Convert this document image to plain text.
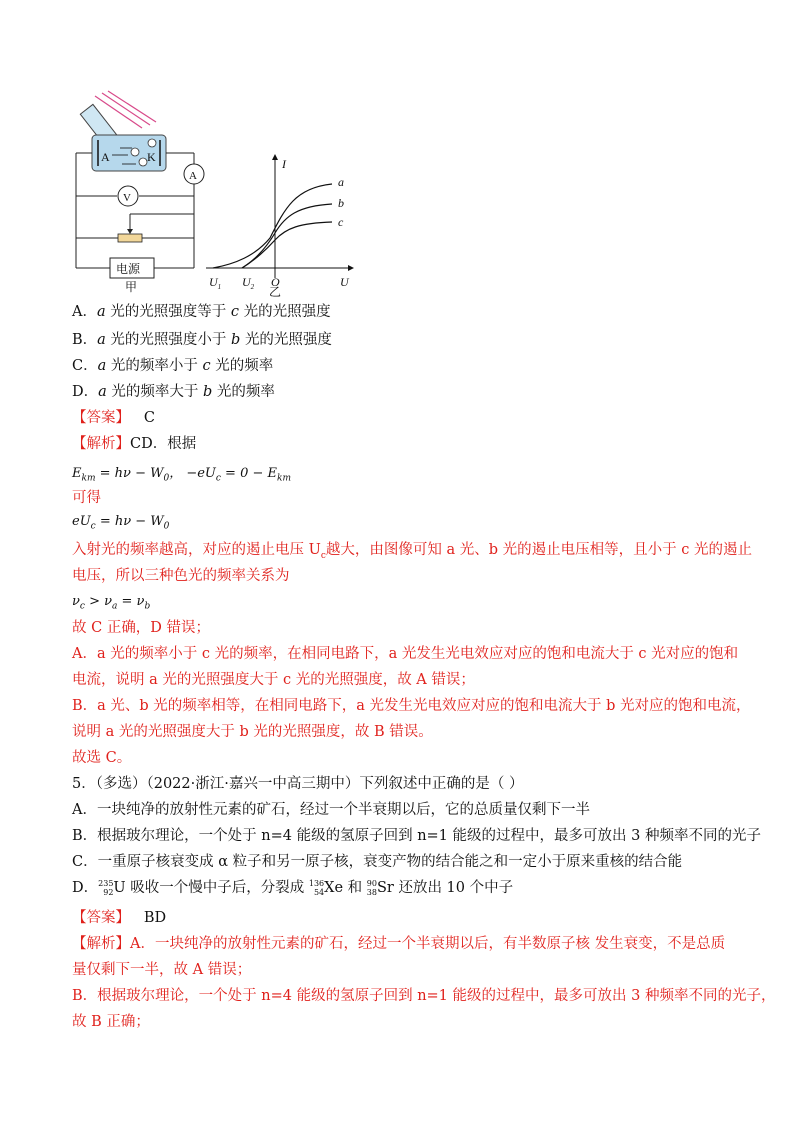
A	K
A
V
电源
甲
I
U
O
$U_1$ $U_2$
a
b
c
乙
A．a 光的光照强度等于 c 光的光照强度
B．a 光的光照强度小于 b 光的光照强度
C．a 光的频率小于 c 光的频率
D．a 光的频率大于 b 光的频率
【答案】 C
【解析】CD．根据
$E_{km} = h\nu - W_0$， $-eU_c = 0 - E_{km}$
可得
$eU_c = h\nu - W_0$
入射光的频率越高，对应的遏止电压 $U_c$越大，由图像可知 a 光、b 光的遏止电压相等，且小于 c 光的遏止
电压，所以三种色光的频率关系为
$\nu_c > \nu_a = \nu_b$
故 C 正确，D 错误；
A．a 光的频率小于 c 光的频率，在相同电路下，a 光发生光电效应对应的饱和电流大于 c 光对应的饱和
电流，说明 a 光的光照强度大于 c 光的光照强度，故 A 错误；
B．a 光、b 光的频率相等，在相同电路下，a 光发生光电效应对应的饱和电流大于 b 光对应的饱和电流，
说明 a 光的光照强度大于 b 光的光照强度，故 B 错误。
故选 C。
5．（多选）（2022·浙江·嘉兴一中高三期中）下列叙述中正确的是（ ）
A．一块纯净的放射性元素的矿石，经过一个半衰期以后，它的总质量仅剩下一半
B．根据玻尔理论，一个处于 n=4 能级的氢原子回到 n=1 能级的过程中，最多可放出 3 种频率不同的光子
C．一重原子核衰变成 α 粒子和另一原子核，衰变产物的结合能之和一定小于原来重核的结合能
D．235
92U 吸收一个慢中子后，分裂成 136
54Xe 和 90
38Sr 还放出 10 个中子
【答案】 BD
【解析】A．一块纯净的放射性元素的矿石，经过一个半衰期以后，有半数原子核 发生衰变，不是总质
量仅剩下一半，故 A 错误；
B．根据玻尔理论，一个处于 n=4 能级的氢原子回到 n=1 能级的过程中，最多可放出 3 种频率不同的光子，
故 B 正确；
